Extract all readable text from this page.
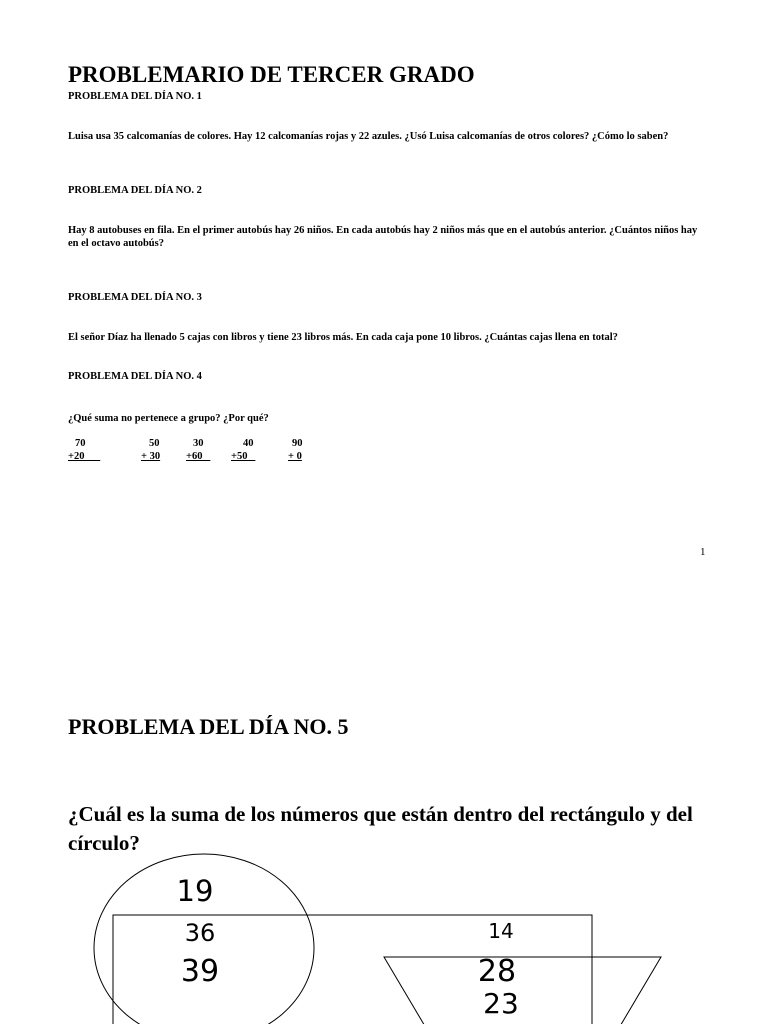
PROBLEMARIO DE TERCER GRADO
PROBLEMA DEL DÍA NO. 1
Luisa usa 35 calcomanías de colores. Hay 12 calcomanías rojas y 22 azules. ¿Usó Luisa calcomanías de otros colores? ¿Cómo lo saben?
PROBLEMA DEL DÍA NO. 2
Hay 8 autobuses en fila. En el primer autobús hay 26 niños. En cada autobús hay 2 niños más que en el autobús anterior. ¿Cuántos niños hay en el octavo autobús?
PROBLEMA DEL DÍA NO. 3
El señor Díaz ha llenado 5 cajas con libros y tiene 23 libros más. En cada caja pone 10 libros. ¿Cuántas cajas llena en total?
PROBLEMA DEL DÍA NO. 4
¿Qué suma no pertenece a grupo? ¿Por qué?
70
+20
50
+ 30
30
+60
40
+50
90
+ 0
1
PROBLEMA DEL DÍA NO. 5
¿Cuál es la suma de los números que están dentro del rectángulo y del círculo?
19
36
39
14
28
23
